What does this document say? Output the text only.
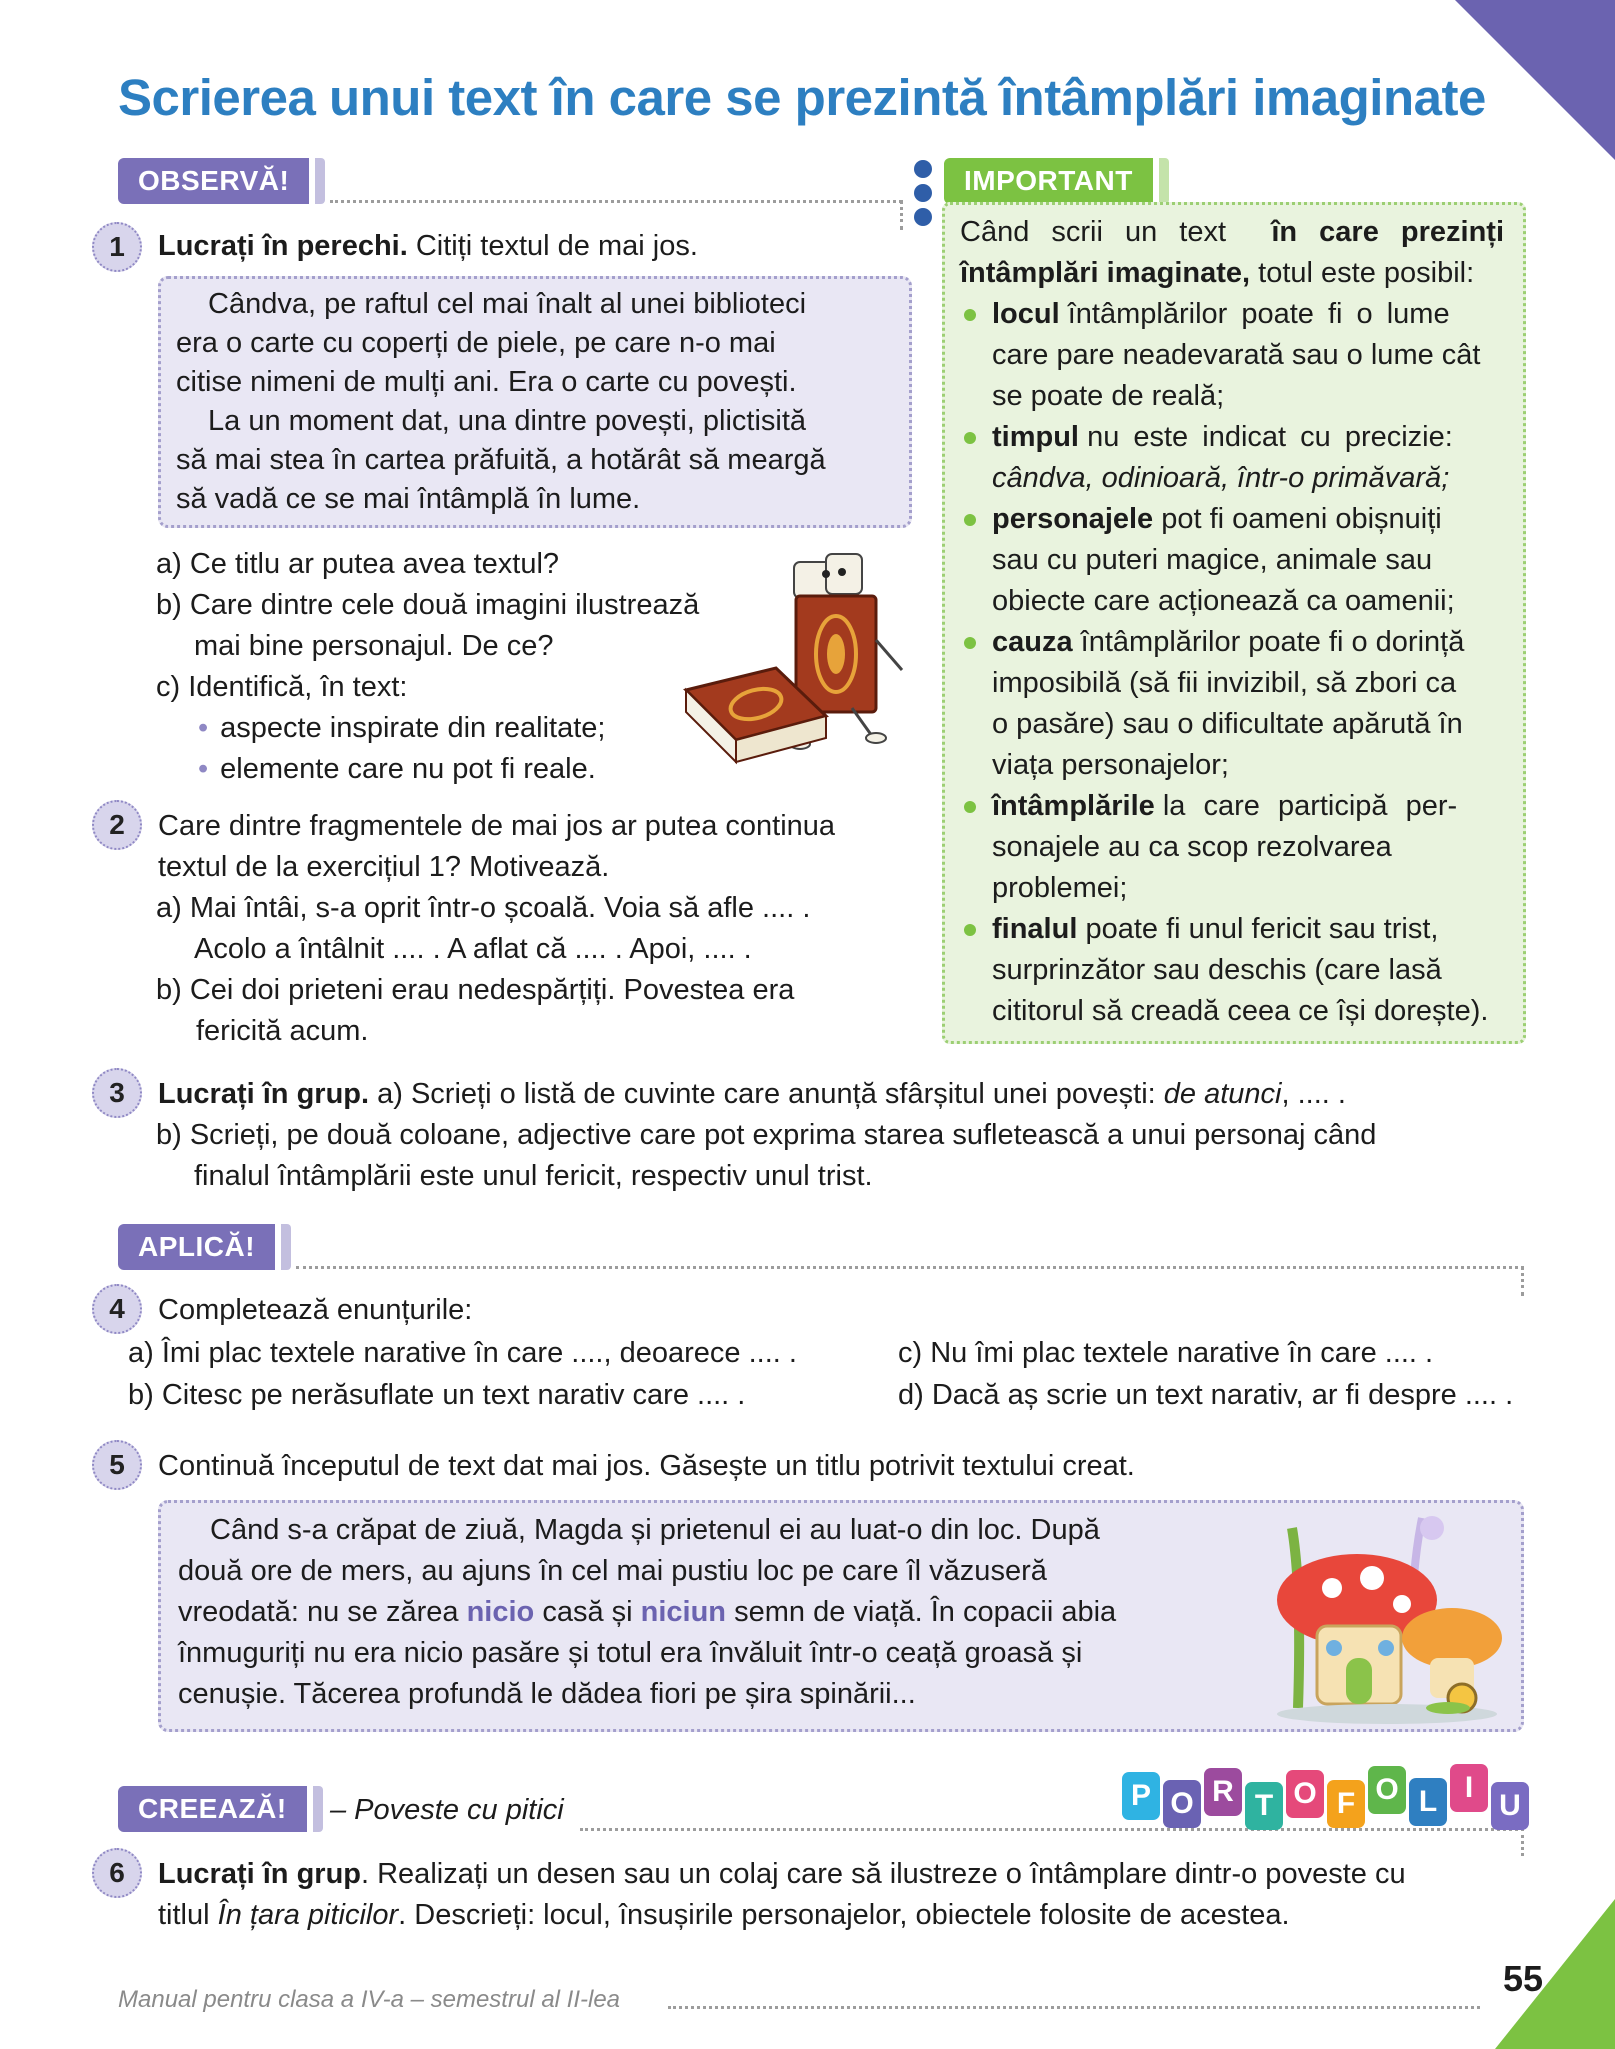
Scrierea unui text în care se prezintă întâmplări imaginate
OBSERVĂ!	IMPORTANT
1	Lucrați în perechi. Citiți textul de mai jos.
Cândva, pe raftul cel mai înalt al unei biblioteci
era o carte cu coperți de piele, pe care n-o mai
citise nimeni de mulți ani. Era o carte cu povești.
La un moment dat, una dintre povești, plictisită
să mai stea în cartea prăfuită, a hotărât să meargă
să vadă ce se mai întâmplă în lume.
a) Ce titlu ar putea avea textul?
b) Care dintre cele două imagini ilustrează
mai bine personajul. De ce?
c) Identifică, în text:
• aspecte inspirate din realitate;
• elemente care nu pot fi reale.
2	Care dintre fragmentele de mai jos ar putea continua
textul de la exercițiul 1? Motivează.
a) Mai întâi, s-a oprit într-o școală. Voia să afle .... .
Acolo a întâlnit .... . A aflat că .... . Apoi, .... .
b) Cei doi prieteni erau nedespărțiți. Povestea era
fericită acum.
Când scrii un text în care prezinți
întâmplări imaginate, totul este posibil:
locul întâmplărilor poate fi o lume
care pare neadevarată sau o lume cât
se poate de reală;
timpul nu este indicat cu precizie:
cândva, odinioară, într-o primăvară;
personajele pot fi oameni obișnuiți
sau cu puteri magice, animale sau
obiecte care acționează ca oamenii;
cauza întâmplărilor poate fi o dorință
imposibilă (să fii invizibil, să zbori ca
o pasăre) sau o dificultate apărută în
viața personajelor;
întâmplările la care participă per-
sonajele au ca scop rezolvarea
problemei;
finalul poate fi unul fericit sau trist,
surprinzător sau deschis (care lasă
cititorul să creadă ceea ce își dorește).
3	Lucrați în grup. a) Scrieți o listă de cuvinte care anunță sfârșitul unei povești: de atunci, .... .
b) Scrieți, pe două coloane, adjective care pot exprima starea sufletească a unui personaj când
finalul întâmplării este unul fericit, respectiv unul trist.
APLICĂ!
4	Completează enunțurile:
a) Îmi plac textele narative în care ...., deoarece .... .
b) Citesc pe nerăsuflate un text narativ care .... .
c) Nu îmi plac textele narative în care .... .
d) Dacă aș scrie un text narativ, ar fi despre .... .
5	Continuă începutul de text dat mai jos. Găsește un titlu potrivit textului creat.
Când s-a crăpat de ziuă, Magda și prietenul ei au luat-o din loc. După
două ore de mers, au ajuns în cel mai pustiu loc pe care îl văzuseră
vreodată: nu se zărea nicio casă și niciun semn de viață. În copacii abia
înmuguriți nu era nicio pasăre și totul era învăluit într-o ceață groasă și
cenușie. Tăcerea profundă le dădea fiori pe șira spinării...
CREEAZĂ!	– Poveste cu pitici	P O R T O F O L IU
6	Lucrați în grup. Realizați un desen sau un colaj care să ilustreze o întâmplare dintr-o poveste cu
titlul În țara piticilor. Descrieți: locul, însușirile personajelor, obiectele folosite de acestea.
Manual pentru clasa a IV-a – semestrul al II-lea
55
